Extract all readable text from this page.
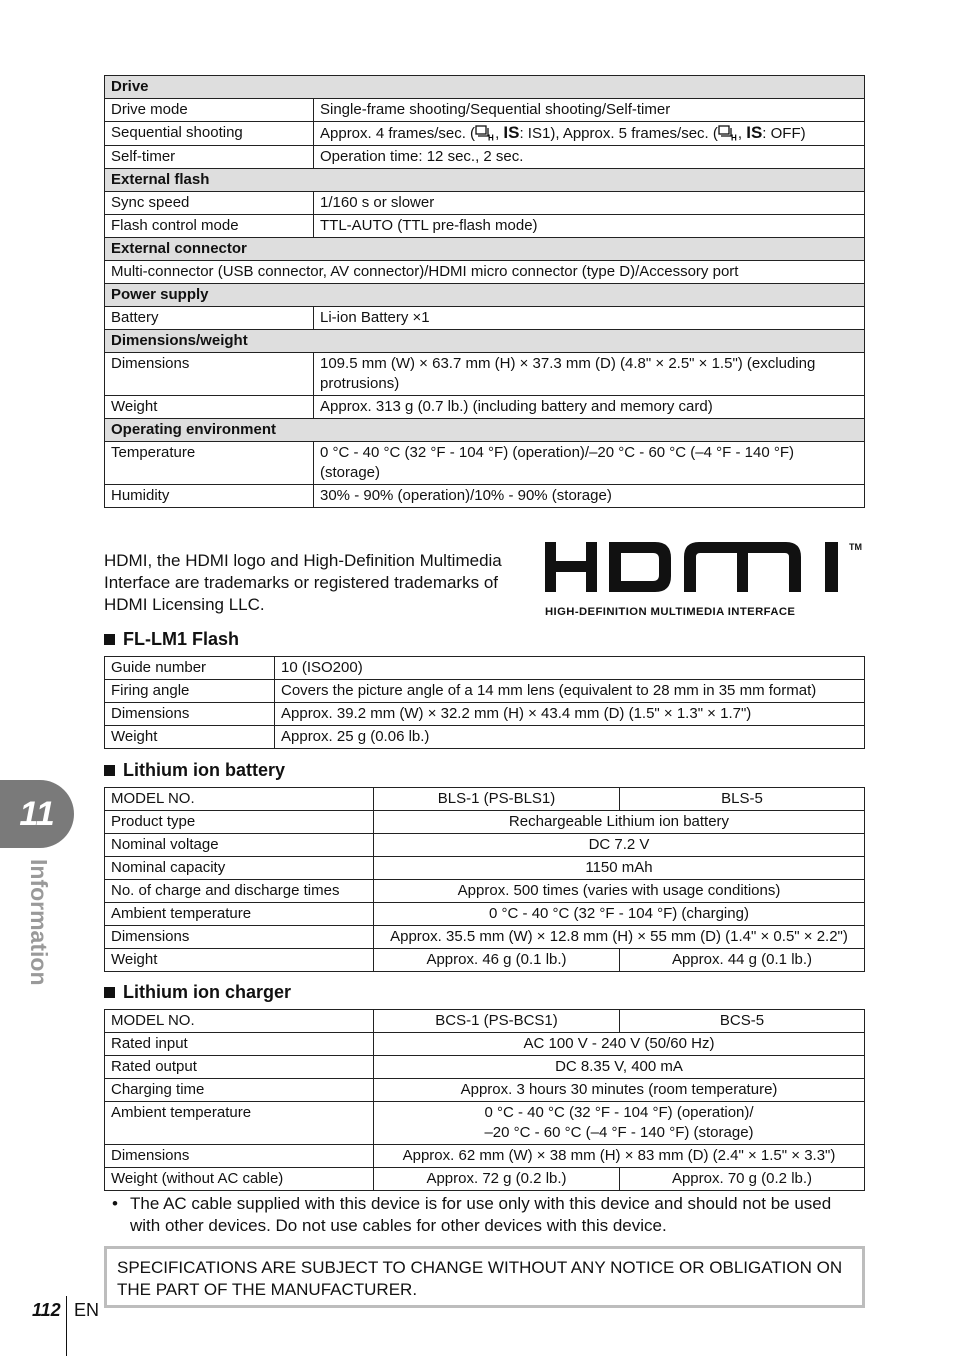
Drive	
Drive mode	Single-frame shooting/Sequential shooting/Self-timer
Sequential shooting	Approx. 4 frames/sec. ( H , IS: IS1), Approx. 5 frames/sec. ( H , IS: OFF)
Self-timer	Operation time: 12 sec., 2 sec.
External flash	
Sync speed	1/160 s or slower
Flash control mode	TTL-AUTO (TTL pre-flash mode)
External connector	
Multi-connector (USB connector, AV connector)/HDMI micro connector (type D)/Accessory port	
Power supply	
Battery	Li-ion Battery ×1
Dimensions/weight	
Dimensions	109.5 mm (W) × 63.7 mm (H) × 37.3 mm (D) (4.8" × 2.5" × 1.5") (excluding protrusions)
Weight	Approx. 313 g (0.7 lb.) (including battery and memory card)
Operating environment	
Temperature	0 °C - 40 °C (32 °F - 104 °F) (operation)/–20 °C - 60 °C (–4 °F - 140 °F) (storage)
Humidity	30% - 90% (operation)/10% - 90% (storage)
HDMI, the HDMI logo and High-Definition Multimedia Interface are trademarks or registered trademarks of HDMI Licensing LLC.
TM
HIGH-DEFINITION MULTIMEDIA INTERFACE
FL-LM1 Flash
Guide number	10 (ISO200)
Firing angle	Covers the picture angle of a 14 mm lens (equivalent to 28 mm in 35 mm format)
Dimensions	Approx. 39.2 mm (W) × 32.2 mm (H) × 43.4 mm (D) (1.5" × 1.3" × 1.7")
Weight	Approx. 25 g (0.06 lb.)
Lithium ion battery
MODEL NO.	BLS-1 (PS-BLS1)	BLS-5
Product type	Rechargeable Lithium ion battery	
Nominal voltage	DC 7.2 V	
Nominal capacity	1150 mAh	
No. of charge and discharge times	Approx. 500 times (varies with usage conditions)	
Ambient temperature	0 °C - 40 °C (32 °F - 104 °F) (charging)	
Dimensions	Approx. 35.5 mm (W) × 12.8 mm (H) × 55 mm (D) (1.4" × 0.5" × 2.2")	
Weight	Approx. 46 g (0.1 lb.)	Approx. 44 g (0.1 lb.)
Lithium ion charger
MODEL NO.	BCS-1 (PS-BCS1)	BCS-5
Rated input	AC 100 V - 240 V (50/60 Hz)	
Rated output	DC 8.35 V, 400 mA	
Charging time	Approx. 3 hours 30 minutes (room temperature)	
Ambient temperature	0 °C - 40 °C (32 °F - 104 °F) (operation)/
–20 °C - 60 °C (–4 °F - 140 °F) (storage)	

Dimensions	Approx. 62 mm (W) × 38 mm (H) × 83 mm (D) (2.4" × 1.5" × 3.3")	
Weight (without AC cable)	Approx. 72 g (0.2 lb.)	Approx. 70 g (0.2 lb.)
• The AC cable supplied with this device is for use only with this device and should not be used with other devices. Do not use cables for other devices with this device.
SPECIFICATIONS ARE SUBJECT TO CHANGE WITHOUT ANY NOTICE OR OBLIGATION ON THE PART OF THE MANUFACTURER.
11
Information
112 EN
